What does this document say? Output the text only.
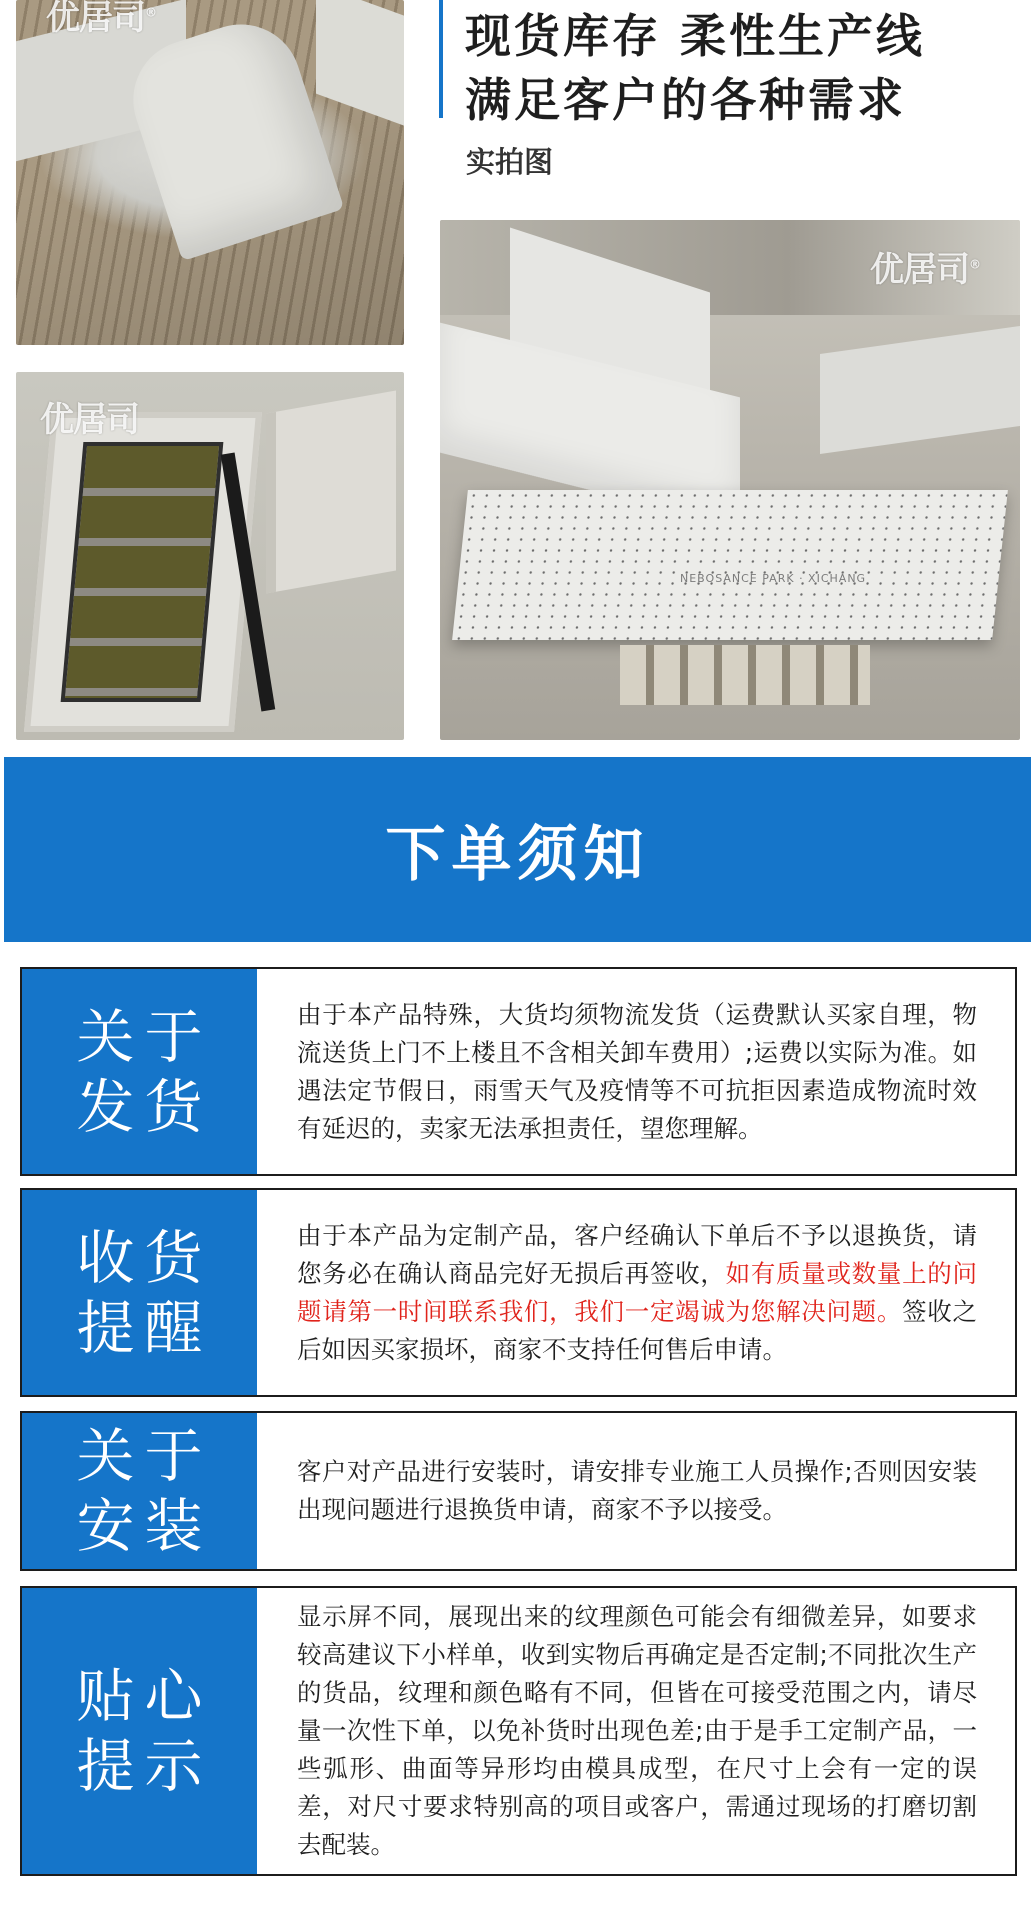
优居司®
优居司
NEBOSANCE PARK · XICHANG
优居司®
现货库存 柔性生产线
满足客户的各种需求
实拍图
下单须知
关于
发货

由于本产品特殊，大货均须物流发货（运费默认买家自理，物流送货上门不上楼且不含相关卸车费用）;运费以实际为准。如遇法定节假日，雨雪天气及疫情等不可抗拒因素造成物流时效有延迟的，卖家无法承担责任，望您理解。

收货
提醒

由于本产品为定制产品，客户经确认下单后不予以退换货，请您务必在确认商品完好无损后再签收，如有质量或数量上的问题请第一时间联系我们，我们一定竭诚为您解决问题。签收之后如因买家损坏，商家不支持任何售后申请。

关于
安装

客户对产品进行安装时，请安排专业施工人员操作;否则因安装出现问题进行退换货申请，商家不予以接受。

贴心
提示

显示屏不同，展现出来的纹理颜色可能会有细微差异，如要求较高建议下小样单，收到实物后再确定是否定制;不同批次生产的货品，纹理和颜色略有不同，但皆在可接受范围之内，请尽量一次性下单，以免补货时出现色差;由于是手工定制产品，一些弧形、曲面等异形均由模具成型，在尺寸上会有一定的误差，对尺寸要求特别高的项目或客户，需通过现场的打磨切割去配装。
